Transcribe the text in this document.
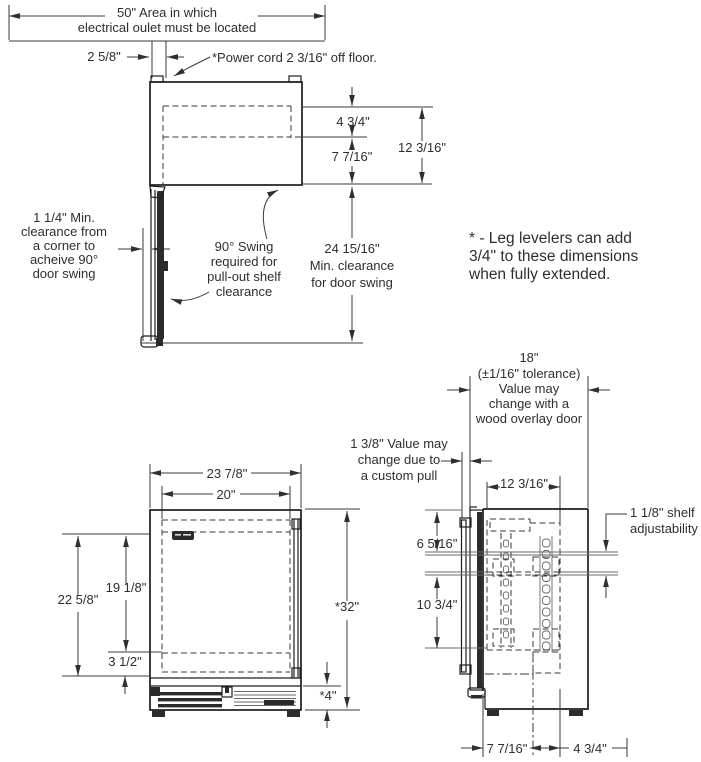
50" Area in which
electrical oulet must be located
2 5/8"	*Power cord 2 3/16" off floor.
4 3/4"
7 7/16"
12 3/16"
24 15/16"
Min. clearance
for door swing
1 1/4" Min.
clearance from
a corner to
acheive 90°
door swing
90° Swing
required for
pull-out shelf
clearance
* - Leg levelers can add
3/4" to these dimensions
when fully extended.
23 7/8"
20"
22 5/8"
19 1/8"
3 1/2"
*32"
*4"
18"
(±1/16" tolerance)
Value may
change with a
wood overlay door
1 3/8" Value may
change due to
a custom pull
12 3/16"
6 5/16"
10 3/4"
1 1/8" shelf
adjustability
7 7/16"	4 3/4"
